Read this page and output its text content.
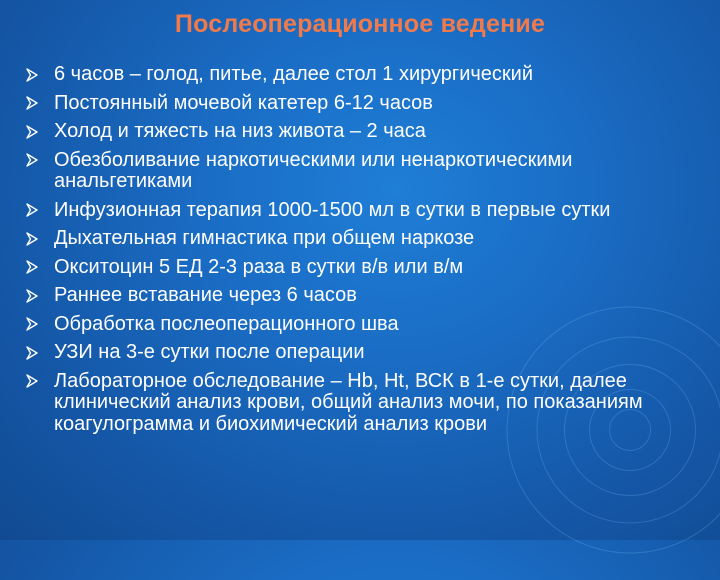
Послеоперационное ведение
6 часов – голод, питье, далее стол 1 хирургический
Постоянный мочевой катетер 6-12 часов
Холод и тяжесть на низ живота – 2 часа
Обезболивание наркотическими или ненаркотическими анальгетиками
Инфузионная терапия 1000-1500 мл в сутки в первые сутки
Дыхательная гимнастика при общем наркозе
Окситоцин 5 ЕД 2-3 раза в сутки в/в или в/м
Раннее вставание через 6 часов
Обработка послеоперационного шва
УЗИ на 3-е сутки после операции
Лабораторное обследование – Hb, Ht, ВСК в 1-е сутки, далее клинический анализ крови, общий анализ мочи, по показаниям коагулограмма и биохимический анализ крови
